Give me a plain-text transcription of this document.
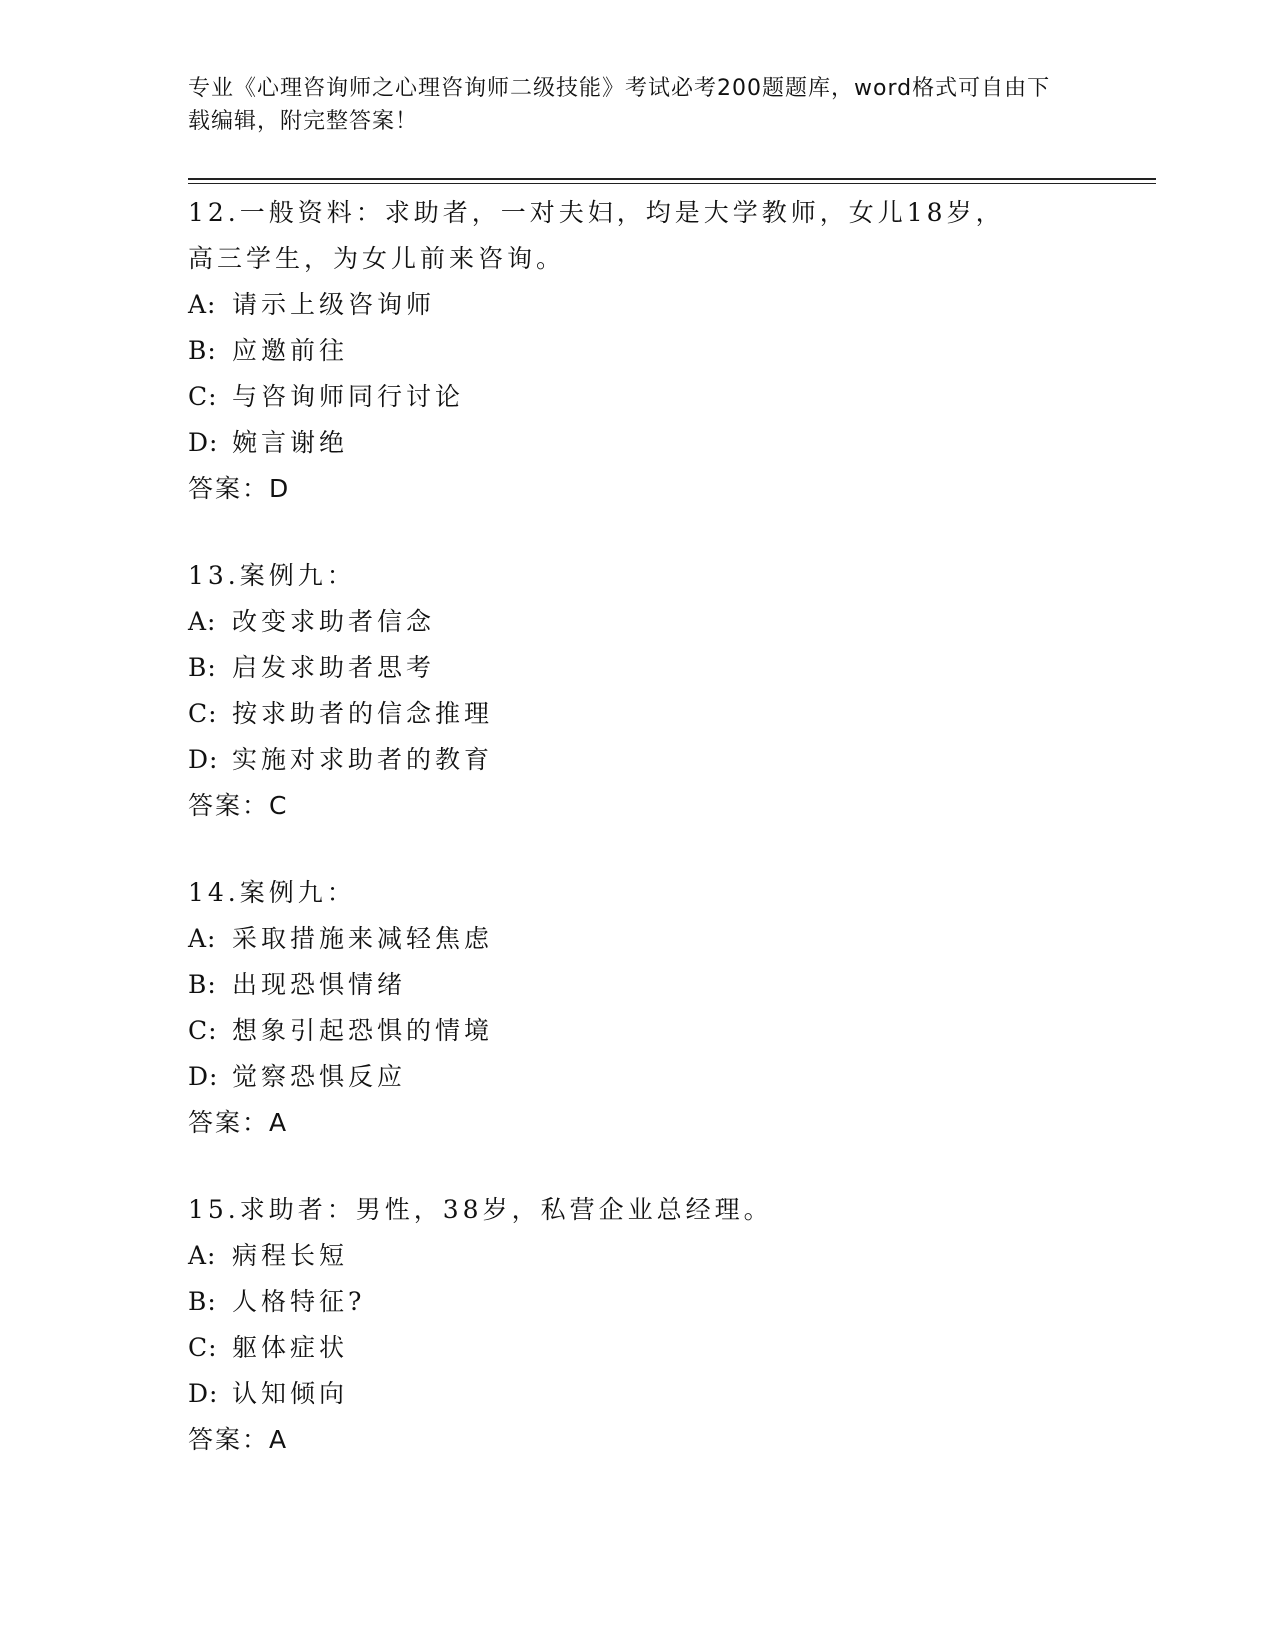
专业《心理咨询师之心理咨询师二级技能》考试必考200题题库，word格式可自由下载编辑，附完整答案！
12.一般资料：求助者，一对夫妇，均是大学教师，女儿18岁，高三学生，为女儿前来咨询。
A: 请示上级咨询师
B: 应邀前往
C: 与咨询师同行讨论
D: 婉言谢绝
答案：D
13.案例九：
A: 改变求助者信念
B: 启发求助者思考
C: 按求助者的信念推理
D: 实施对求助者的教育
答案：C
14.案例九：
A: 采取措施来减轻焦虑
B: 出现恐惧情绪
C: 想象引起恐惧的情境
D: 觉察恐惧反应
答案：A
15.求助者：男性，38岁，私营企业总经理。
A: 病程长短
B: 人格特征?
C: 躯体症状
D: 认知倾向
答案：A
